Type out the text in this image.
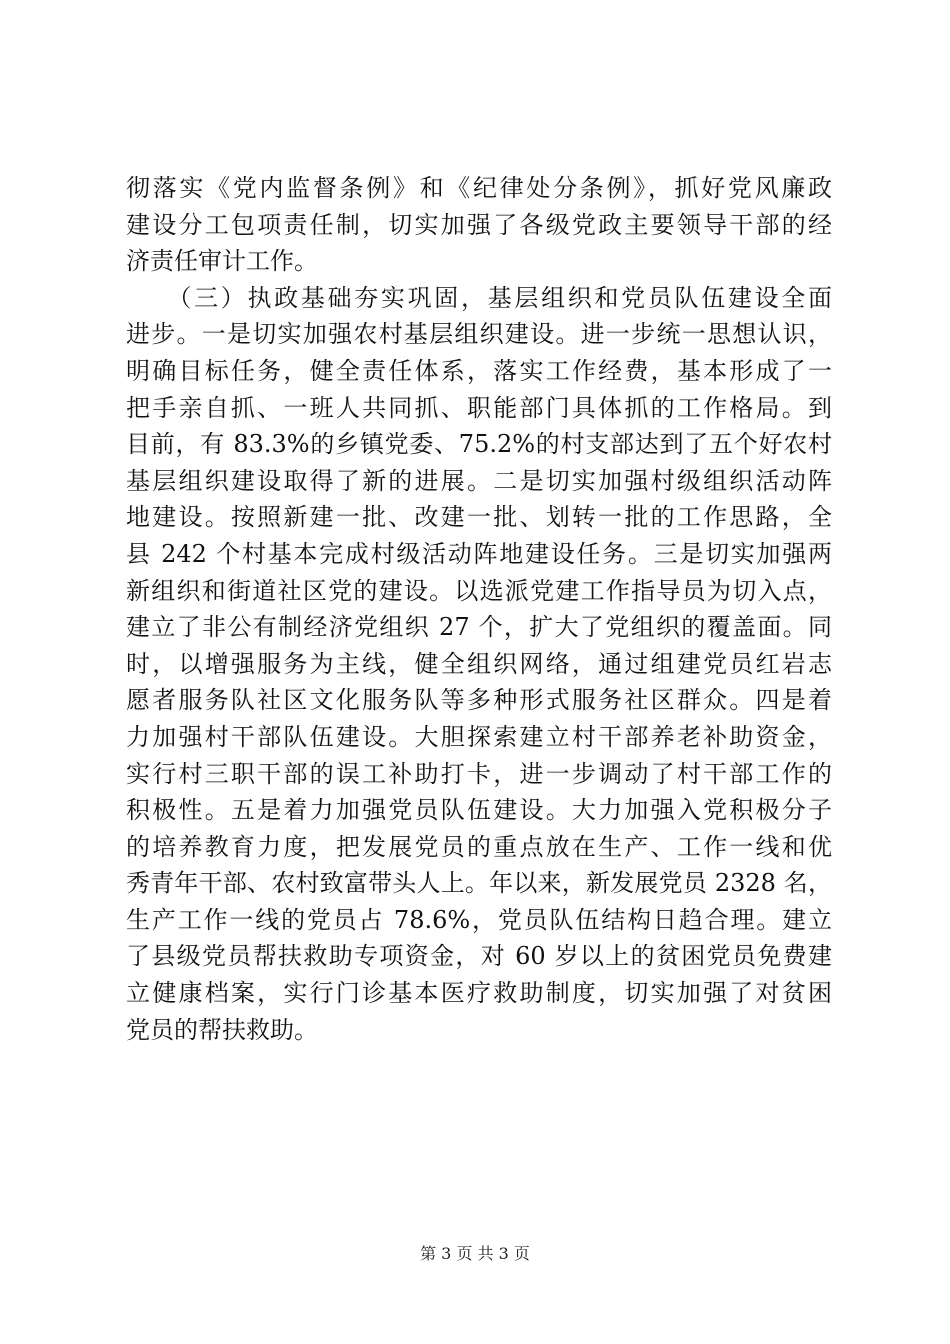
彻落实《党内监督条例》和《纪律处分条例》，抓好党风廉政
建设分工包项责任制，切实加强了各级党政主要领导干部的经
济责任审计工作。
　　（三）执政基础夯实巩固，基层组织和党员队伍建设全面
进步。一是切实加强农村基层组织建设。进一步统一思想认识，
明确目标任务，健全责任体系，落实工作经费，基本形成了一
把手亲自抓、一班人共同抓、职能部门具体抓的工作格局。到
目前，有 83.3%的乡镇党委、75.2%的村支部达到了五个好农村
基层组织建设取得了新的进展。二是切实加强村级组织活动阵
地建设。按照新建一批、改建一批、划转一批的工作思路，全
县 242 个村基本完成村级活动阵地建设任务。三是切实加强两
新组织和街道社区党的建设。以选派党建工作指导员为切入点，
建立了非公有制经济党组织 27 个，扩大了党组织的覆盖面。同
时，以增强服务为主线，健全组织网络，通过组建党员红岩志
愿者服务队社区文化服务队等多种形式服务社区群众。四是着
力加强村干部队伍建设。大胆探索建立村干部养老补助资金，
实行村三职干部的误工补助打卡，进一步调动了村干部工作的
积极性。五是着力加强党员队伍建设。大力加强入党积极分子
的培养教育力度，把发展党员的重点放在生产、工作一线和优
秀青年干部、农村致富带头人上。年以来，新发展党员 2328 名，
生产工作一线的党员占 78.6%，党员队伍结构日趋合理。建立
了县级党员帮扶救助专项资金，对 60 岁以上的贫困党员免费建
立健康档案，实行门诊基本医疗救助制度，切实加强了对贫困
党员的帮扶救助。
第 3 页 共 3 页
